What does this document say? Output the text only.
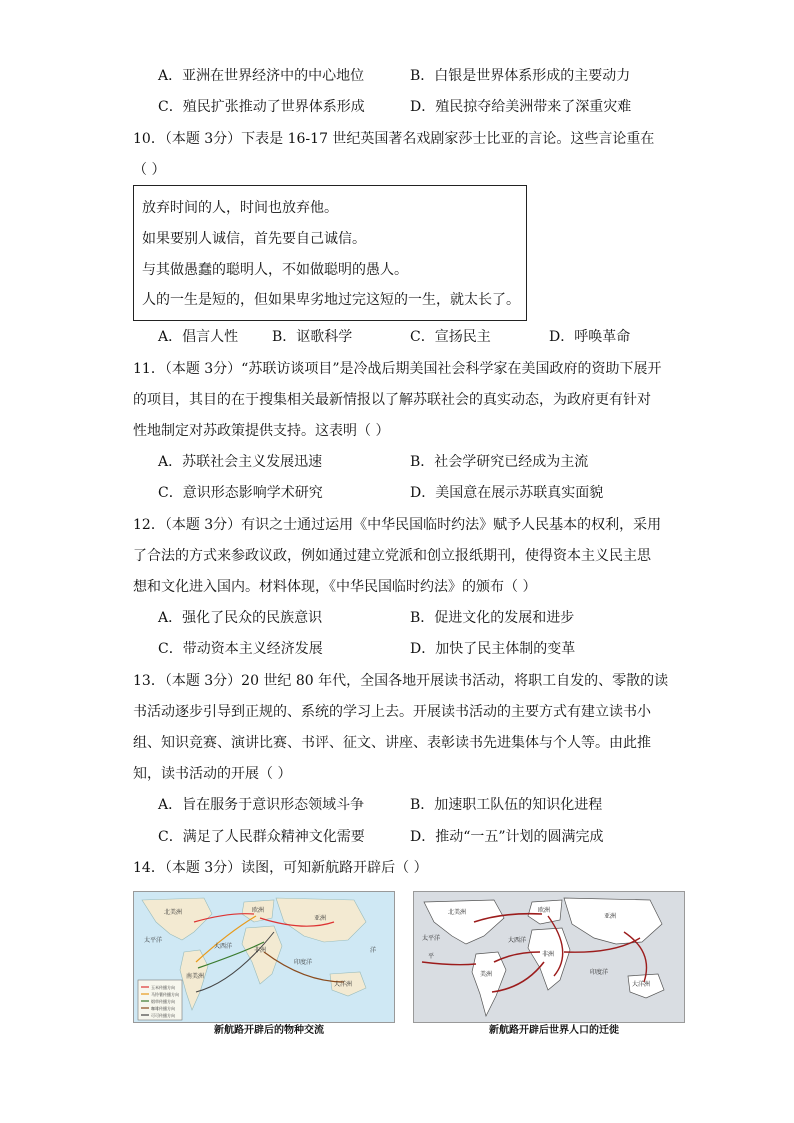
A．亚洲在世界经济中的中心地位	B．白银是世界体系形成的主要动力
C．殖民扩张推动了世界体系形成	D．殖民掠夺给美洲带来了深重灾难
10．（本题 3分）下表是 16-17 世纪英国著名戏剧家莎士比亚的言论。这些言论重在
（ ）
放弃时间的人，时间也放弃他。
如果要别人诚信，首先要自己诚信。
与其做愚蠢的聪明人，不如做聪明的愚人。
人的一生是短的，但如果卑劣地过完这短的一生，就太长了。
A．倡言人性 B．讴歌科学	C．宣扬民主	D．呼唤革命
11．（本题 3分）“苏联访谈项目”是冷战后期美国社会科学家在美国政府的资助下展开
的项目，其目的在于搜集相关最新情报以了解苏联社会的真实动态，为政府更有针对
性地制定对苏政策提供支持。这表明（ ）
A．苏联社会主义发展迅速	B．社会学研究已经成为主流
C．意识形态影响学术研究	D．美国意在展示苏联真实面貌
12．（本题 3分）有识之士通过运用《中华民国临时约法》赋予人民基本的权利，采用
了合法的方式来参政议政，例如通过建立党派和创立报纸期刊，使得资本主义民主思
想和文化进入国内。材料体现，《中华民国临时约法》的颁布（ ）
A．强化了民众的民族意识	B．促进文化的发展和进步
C．带动资本主义经济发展	D．加快了民主体制的变革
13．（本题 3分）20 世纪 80 年代，全国各地开展读书活动，将职工自发的、零散的读
书活动逐步引导到正规的、系统的学习上去。开展读书活动的主要方式有建立读书小
组、知识竞赛、演讲比赛、书评、征文、讲座、表彰读书先进集体与个人等。由此推
知，读书活动的开展（ ）
A．旨在服务于意识形态领域斗争	B．加速职工队伍的知识化进程
C．满足了人民群众精神文化需要	D．推动“一五”计划的圆满完成
14．（本题 3分）读图，可知新航路开辟后（ ）
玉米传播方向
马铃薯传播方向
烟草传播方向
咖啡传播方向
可可传播方向
北美洲	欧洲
亚洲
非洲
南美洲
大洋洲
太平洋
大西洋
印度洋
洋
新航路开辟后的物种交流
北美洲	欧洲
亚洲
非洲
美洲
大洋洲
太平洋	大西洋
印度洋
平
新航路开辟后世界人口的迁徙
